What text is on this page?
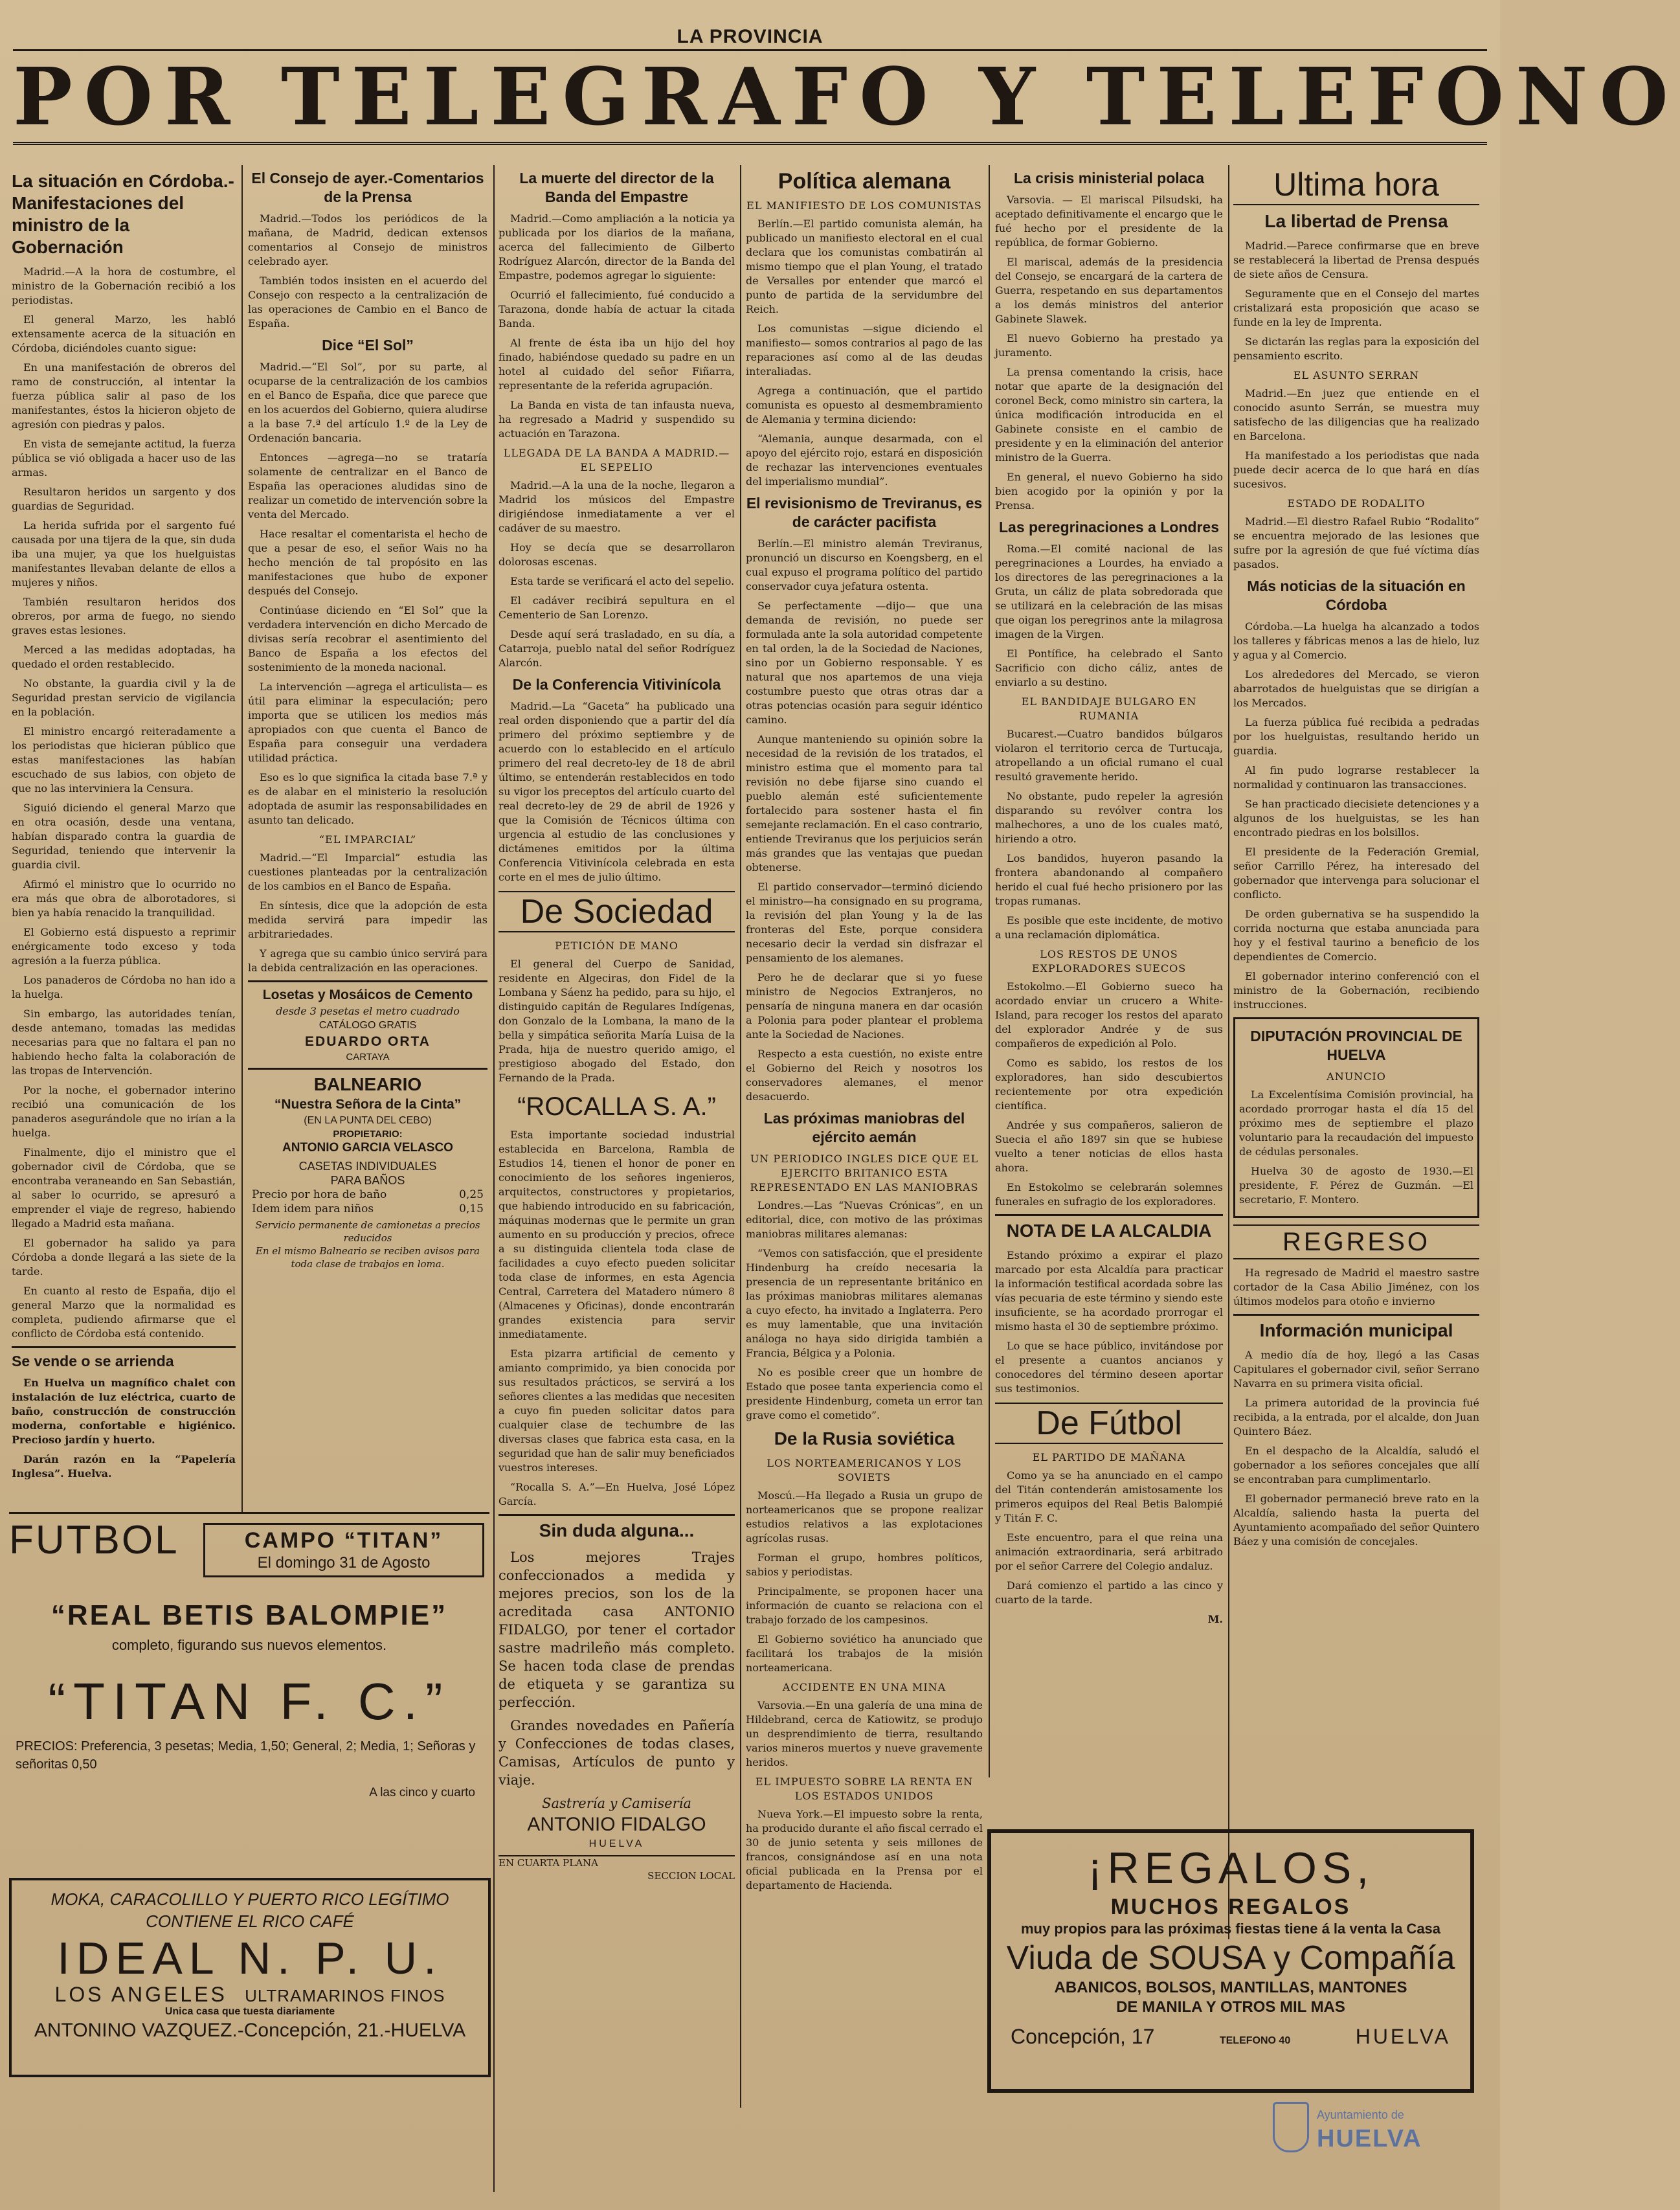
LA PROVINCIA
POR TELEGRAFO Y TELEFONO
La situación en Córdoba.- Manifestaciones del ministro de la Gobernación

Madrid.—A la hora de costumbre, el ministro de la Gobernación recibió a los periodistas.

El general Marzo, les habló extensamente acerca de la situación en Córdoba, diciéndoles cuanto sigue:

En una manifestación de obreros del ramo de construcción, al intentar la fuerza pública salir al paso de los manifestantes, éstos la hicieron objeto de agresión con piedras y palos.

En vista de semejante actitud, la fuerza pública se vió obligada a hacer uso de las armas.

Resultaron heridos un sargento y dos guardias de Seguridad.

La herida sufrida por el sargento fué causada por una tijera de la que, sin duda iba una mujer, ya que los huelguistas manifestantes llevaban delante de ellos a mujeres y niños.

También resultaron heridos dos obreros, por arma de fuego, no siendo graves estas lesiones.

Merced a las medidas adoptadas, ha quedado el orden restablecido.

No obstante, la guardia civil y la de Seguridad prestan servicio de vigilancia en la población.

El ministro encargó reiteradamente a los periodistas que hicieran público que estas manifestaciones las habían escuchado de sus labios, con objeto de que no las interviniera la Censura.

Siguió diciendo el general Marzo que en otra ocasión, desde una ventana, habían disparado contra la guardia de Seguridad, teniendo que intervenir la guardia civil.

Afirmó el ministro que lo ocurrido no era más que obra de alborotadores, si bien ya había renacido la tranquilidad.

El Gobierno está dispuesto a reprimir enérgicamente todo exceso y toda agresión a la fuerza pública.

Los panaderos de Córdoba no han ido a la huelga.

Sin embargo, las autoridades tenían, desde antemano, tomadas las medidas necesarias para que no faltara el pan no habiendo hecho falta la colaboración de las tropas de Intervención.

Por la noche, el gobernador interino recibió una comunicación de los panaderos asegurándole que no irían a la huelga.

Finalmente, dijo el ministro que el gobernador civil de Córdoba, que se encontraba veraneando en San Sebastián, al saber lo ocurrido, se apresuró a emprender el viaje de regreso, habiendo llegado a Madrid esta mañana.

El gobernador ha salido ya para Córdoba a donde llegará a las siete de la tarde.

En cuanto al resto de España, dijo el general Marzo que la normalidad es completa, pudiendo afirmarse que el conflicto de Córdoba está contenido.

Se vende o se arrienda

En Huelva un magnífico chalet con instalación de luz eléctrica, cuarto de baño, construcción de construcción moderna, confortable e higiénico. Precioso jardín y huerto.

Darán razón en la “Papelería Inglesa”. Huelva.

El Consejo de ayer.-Comentarios de la Prensa

Madrid.—Todos los periódicos de la mañana, de Madrid, dedican extensos comentarios al Consejo de ministros celebrado ayer.

También todos insisten en el acuerdo del Consejo con respecto a la centralización de las operaciones de Cambio en el Banco de España.

Dice “El Sol”

Madrid.—“El Sol”, por su parte, al ocuparse de la centralización de los cambios en el Banco de España, dice que parece que en los acuerdos del Gobierno, quiera aludirse a la base 7.ª del artículo 1.º de la Ley de Ordenación bancaria.

Entonces —agrega—no se trataría solamente de centralizar en el Banco de España las operaciones aludidas sino de realizar un cometido de intervención sobre la venta del Mercado.

Hace resaltar el comentarista el hecho de que a pesar de eso, el señor Wais no ha hecho mención de tal propósito en las manifestaciones que hubo de exponer después del Consejo.

Continúase diciendo en “El Sol” que la verdadera intervención en dicho Mercado de divisas sería recobrar el asentimiento del Banco de España a los efectos del sostenimiento de la moneda nacional.

La intervención —agrega el articulista— es útil para eliminar la especulación; pero importa que se utilicen los medios más apropiados con que cuenta el Banco de España para conseguir una verdadera utilidad práctica.

Eso es lo que significa la citada base 7.ª y es de alabar en el ministerio la resolución adoptada de asumir las responsabilidades en asunto tan delicado.

“EL IMPARCIAL”

Madrid.—“El Imparcial” estudia las cuestiones planteadas por la centralización de los cambios en el Banco de España.

En síntesis, dice que la adopción de esta medida servirá para impedir las arbitrariedades.

Y agrega que su cambio único servirá para la debida centralización en las operaciones.

Losetas y Mosáicos de Cemento
desde 3 pesetas el metro cuadrado
CATÁLOGO GRATIS
EDUARDO ORTA
CARTAYA
BALNEARIO
“Nuestra Señora de la Cinta”
(EN LA PUNTA DEL CEBO)
PROPIETARIO:
ANTONIO GARCIA VELASCO
CASETAS INDIVIDUALES
PARA BAÑOS
Precio por hora de baño	0,25
Idem idem para niños	0,15
Servicio permanente de camionetas a precios reducidos
En el mismo Balneario se reciben avisos para toda clase de trabajos en loma.
FUTBOL	CAMPO “TITAN”
El domingo 31 de Agosto
“REAL BETIS BALOMPIE”
completo, figurando sus nuevos elementos.
“TITAN F. C.”
PRECIOS: Preferencia, 3 pesetas; Media, 1,50; General, 2; Media, 1; Señoras y señoritas 0,50
A las cinco y cuarto
MOKA, CARACOLILLO Y PUERTO RICO LEGÍTIMO
CONTIENE EL RICO CAFÉ
IDEAL N. P. U.
LOS ANGELES ULTRAMARINOS FINOS
Unica casa que tuesta diariamente
ANTONINO VAZQUEZ.-Concepción, 21.-HUELVA
La muerte del director de la Banda del Empastre

Madrid.—Como ampliación a la noticia ya publicada por los diarios de la mañana, acerca del fallecimiento de Gilberto Rodríguez Alarcón, director de la Banda del Empastre, podemos agregar lo siguiente:

Ocurrió el fallecimiento, fué conducido a Tarazona, donde había de actuar la citada Banda.

Al frente de ésta iba un hijo del hoy finado, habiéndose quedado su padre en un hotel al cuidado del señor Fiñarra, representante de la referida agrupación.

La Banda en vista de tan infausta nueva, ha regresado a Madrid y suspendido su actuación en Tarazona.

LLEGADA DE LA BANDA A MADRID.—EL SEPELIO

Madrid.—A la una de la noche, llegaron a Madrid los músicos del Empastre dirigiéndose inmediatamente a ver el cadáver de su maestro.

Hoy se decía que se desarrollaron dolorosas escenas.

Esta tarde se verificará el acto del sepelio.

El cadáver recibirá sepultura en el Cementerio de San Lorenzo.

Desde aquí será trasladado, en su día, a Catarroja, pueblo natal del señor Rodríguez Alarcón.

De la Conferencia Vitivinícola

Madrid.—La “Gaceta” ha publicado una real orden disponiendo que a partir del día primero del próximo septiembre y de acuerdo con lo establecido en el artículo primero del real decreto-ley de 18 de abril último, se entenderán restablecidos en todo su vigor los preceptos del artículo cuarto del real decreto-ley de 29 de abril de 1926 y que la Comisión de Técnicos última con urgencia al estudio de las conclusiones y dictámenes emitidos por la última Conferencia Vitivinícola celebrada en esta corte en el mes de julio último.

De Sociedad
PETICIÓN DE MANO

El general del Cuerpo de Sanidad, residente en Algeciras, don Fidel de la Lombana y Sáenz ha pedido, para su hijo, el distinguido capitán de Regulares Indígenas, don Gonzalo de la Lombana, la mano de la bella y simpática señorita María Luisa de la Prada, hija de nuestro querido amigo, el prestigioso abogado del Estado, don Fernando de la Prada.

“ROCALLA S. A.”

Esta importante sociedad industrial establecida en Barcelona, Rambla de Estudios 14, tienen el honor de poner en conocimiento de los señores ingenieros, arquitectos, constructores y propietarios, que habiendo introducido en su fabricación, máquinas modernas que le permite un gran aumento en su producción y precios, ofrece a su distinguida clientela toda clase de facilidades a cuyo efecto pueden solicitar toda clase de informes, en esta Agencia Central, Carretera del Matadero número 8 (Almacenes y Oficinas), donde encontrarán grandes existencia para servir inmediatamente.

Esta pizarra artificial de cemento y amianto comprimido, ya bien conocida por sus resultados prácticos, se servirá a los señores clientes a las medidas que necesiten a cuyo fin pueden solicitar datos para cualquier clase de techumbre de las diversas clases que fabrica esta casa, en la seguridad que han de salir muy beneficiados vuestros intereses.

“Rocalla S. A.”—En Huelva, José López García.

Sin duda alguna...

Los mejores Trajes confeccionados a medida y mejores precios, son los de la acreditada casa ANTONIO FIDALGO, por tener el cortador sastre madrileño más completo. Se hacen toda clase de prendas de etiqueta y se garantiza su perfección.

Grandes novedades en Pañería y Confecciones de todas clases, Camisas, Artículos de punto y viaje.

Sastrería y Camisería
ANTONIO FIDALGO
HUELVA
EN CUARTA PLANA
SECCION LOCAL
Política alemana
EL MANIFIESTO DE LOS COMUNISTAS

Berlín.—El partido comunista alemán, ha publicado un manifiesto electoral en el cual declara que los comunistas combatirán al mismo tiempo que el plan Young, el tratado de Versalles por entender que marcó el punto de partida de la servidumbre del Reich.

Los comunistas —sigue diciendo el manifiesto— somos contrarios al pago de las reparaciones así como al de las deudas interaliadas.

Agrega a continuación, que el partido comunista es opuesto al desmembramiento de Alemania y termina diciendo:

“Alemania, aunque desarmada, con el apoyo del ejército rojo, estará en disposición de rechazar las intervenciones eventuales del imperialismo mundial”.

El revisionismo de Treviranus, es de carácter pacifista

Berlín.—El ministro alemán Treviranus, pronunció un discurso en Koengsberg, en el cual expuso el programa político del partido conservador cuya jefatura ostenta.

Se perfectamente —dijo— que una demanda de revisión, no puede ser formulada ante la sola autoridad competente en tal orden, la de la Sociedad de Naciones, sino por un Gobierno responsable. Y es natural que nos apartemos de una vieja costumbre puesto que otras otras dar a otras potencias ocasión para seguir idéntico camino.

Aunque manteniendo su opinión sobre la necesidad de la revisión de los tratados, el ministro estima que el momento para tal revisión no debe fijarse sino cuando el pueblo alemán esté suficientemente fortalecido para sostener hasta el fin semejante reclamación. En el caso contrario, entiende Treviranus que los perjuicios serán más grandes que las ventajas que puedan obtenerse.

El partido conservador—terminó diciendo el ministro—ha consignado en su programa, la revisión del plan Young y la de las fronteras del Este, porque considera necesario decir la verdad sin disfrazar el pensamiento de los alemanes.

Pero he de declarar que si yo fuese ministro de Negocios Extranjeros, no pensaría de ninguna manera en dar ocasión a Polonia para poder plantear el problema ante la Sociedad de Naciones.

Respecto a esta cuestión, no existe entre el Gobierno del Reich y nosotros los conservadores alemanes, el menor desacuerdo.

Las próximas maniobras del ejército aemán
UN PERIODICO INGLES DICE QUE EL EJERCITO BRITANICO ESTA REPRESENTADO EN LAS MANIOBRAS

Londres.—Las “Nuevas Crónicas”, en un editorial, dice, con motivo de las próximas maniobras militares alemanas:

“Vemos con satisfacción, que el presidente Hindenburg ha creído necesaria la presencia de un representante británico en las próximas maniobras militares alemanas a cuyo efecto, ha invitado a Inglaterra. Pero es muy lamentable, que una invitación análoga no haya sido dirigida también a Francia, Bélgica y a Polonia.

No es posible creer que un hombre de Estado que posee tanta experiencia como el presidente Hindenburg, cometa un error tan grave como el cometido”.

De la Rusia soviética
LOS NORTEAMERICANOS Y LOS SOVIETS

Moscú.—Ha llegado a Rusia un grupo de norteamericanos que se propone realizar estudios relativos a las explotaciones agrícolas rusas.

Forman el grupo, hombres políticos, sabios y periodistas.

Principalmente, se proponen hacer una información de cuanto se relaciona con el trabajo forzado de los campesinos.

El Gobierno soviético ha anunciado que facilitará los trabajos de la misión norteamericana.

ACCIDENTE EN UNA MINA

Varsovia.—En una galería de una mina de Hildebrand, cerca de Katiowitz, se produjo un desprendimiento de tierra, resultando varios mineros muertos y nueve gravemente heridos.

EL IMPUESTO SOBRE LA RENTA EN LOS ESTADOS UNIDOS

Nueva York.—El impuesto sobre la renta, ha producido durante el año fiscal cerrado el 30 de junio setenta y seis millones de francos, consignándose así en una nota oficial publicada en la Prensa por el departamento de Hacienda.

La crisis ministerial polaca

Varsovia. — El mariscal Pilsudski, ha aceptado definitivamente el encargo que le fué hecho por el presidente de la república, de formar Gobierno.

El mariscal, además de la presidencia del Consejo, se encargará de la cartera de Guerra, respetando en sus departamentos a los demás ministros del anterior Gabinete Slawek.

El nuevo Gobierno ha prestado ya juramento.

La prensa comentando la crisis, hace notar que aparte de la designación del coronel Beck, como ministro sin cartera, la única modificación introducida en el Gabinete consiste en el cambio de presidente y en la eliminación del anterior ministro de la Guerra.

En general, el nuevo Gobierno ha sido bien acogido por la opinión y por la Prensa.

Las peregrinaciones a Londres

Roma.—El comité nacional de las peregrinaciones a Lourdes, ha enviado a los directores de las peregrinaciones a la Gruta, un cáliz de plata sobredorada que se utilizará en la celebración de las misas que oigan los peregrinos ante la milagrosa imagen de la Virgen.

El Pontífice, ha celebrado el Santo Sacrificio con dicho cáliz, antes de enviarlo a su destino.

EL BANDIDAJE BULGARO EN RUMANIA

Bucarest.—Cuatro bandidos búlgaros violaron el territorio cerca de Turtucaja, atropellando a un oficial rumano el cual resultó gravemente herido.

No obstante, pudo repeler la agresión disparando su revólver contra los malhechores, a uno de los cuales mató, hiriendo a otro.

Los bandidos, huyeron pasando la frontera abandonando al compañero herido el cual fué hecho prisionero por las tropas rumanas.

Es posible que este incidente, de motivo a una reclamación diplomática.

LOS RESTOS DE UNOS EXPLORADORES SUECOS

Estokolmo.—El Gobierno sueco ha acordado enviar un crucero a White-Island, para recoger los restos del aparato del explorador Andrée y de sus compañeros de expedición al Polo.

Como es sabido, los restos de los exploradores, han sido descubiertos recientemente por otra expedición científica.

Andrée y sus compañeros, salieron de Suecia el año 1897 sin que se hubiese vuelto a tener noticias de ellos hasta ahora.

En Estokolmo se celebrarán solemnes funerales en sufragio de los exploradores.

NOTA DE LA ALCALDIA

Estando próximo a expirar el plazo marcado por esta Alcaldía para practicar la información testifical acordada sobre las vías pecuaria de este término y siendo este insuficiente, se ha acordado prorrogar el mismo hasta el 30 de septiembre próximo.

Lo que se hace público, invitándose por el presente a cuantos ancianos y conocedores del término deseen aportar sus testimonios.

De Fútbol
EL PARTIDO DE MAÑANA

Como ya se ha anunciado en el campo del Titán contenderán amistosamente los primeros equipos del Real Betis Balompié y Titán F. C.

Este encuentro, para el que reina una animación extraordinaria, será arbitrado por el señor Carrere del Colegio andaluz.

Dará comienzo el partido a las cinco y cuarto de la tarde.

M.
¡REGALOS,
MUCHOS REGALOS
muy propios para las próximas fiestas tiene á la venta la Casa
Viuda de SOUSA y Compañía
ABANICOS, BOLSOS, MANTILLAS, MANTONES
DE MANILA Y OTROS MIL MAS
Concepción, 17	TELEFONO 40	HUELVA
Ultima hora
La libertad de Prensa

Madrid.—Parece confirmarse que en breve se restablecerá la libertad de Prensa después de siete años de Censura.

Seguramente que en el Consejo del martes cristalizará esta proposición que acaso se funde en la ley de Imprenta.

Se dictarán las reglas para la exposición del pensamiento escrito.

EL ASUNTO SERRAN

Madrid.—En juez que entiende en el conocido asunto Serrán, se muestra muy satisfecho de las diligencias que ha realizado en Barcelona.

Ha manifestado a los periodistas que nada puede decir acerca de lo que hará en días sucesivos.

ESTADO DE RODALITO

Madrid.—El diestro Rafael Rubio “Rodalito” se encuentra mejorado de las lesiones que sufre por la agresión de que fué víctima días pasados.

Más noticias de la situación en Córdoba

Córdoba.—La huelga ha alcanzado a todos los talleres y fábricas menos a las de hielo, luz y agua y al Comercio.

Los alrededores del Mercado, se vieron abarrotados de huelguistas que se dirigían a los Mercados.

La fuerza pública fué recibida a pedradas por los huelguistas, resultando herido un guardia.

Al fin pudo lograrse restablecer la normalidad y continuaron las transacciones.

Se han practicado diecisiete detenciones y a algunos de los huelguistas, se les han encontrado piedras en los bolsillos.

El presidente de la Federación Gremial, señor Carrillo Pérez, ha interesado del gobernador que intervenga para solucionar el conflicto.

De orden gubernativa se ha suspendido la corrida nocturna que estaba anunciada para hoy y el festival taurino a beneficio de los dependientes de Comercio.

El gobernador interino conferenció con el ministro de la Gobernación, recibiendo instrucciones.

DIPUTACIÓN PROVINCIAL DE HUELVA
ANUNCIO

La Excelentísima Comisión provincial, ha acordado prorrogar hasta el día 15 del próximo mes de septiembre el plazo voluntario para la recaudación del impuesto de cédulas personales.

Huelva 30 de agosto de 1930.—El presidente, F. Pérez de Guzmán. —El secretario, F. Montero.

REGRESO

Ha regresado de Madrid el maestro sastre cortador de la Casa Abilio Jiménez, con los últimos modelos para otoño e invierno

Información municipal

A medio día de hoy, llegó a las Casas Capitulares el gobernador civil, señor Serrano Navarra en su primera visita oficial.

La primera autoridad de la provincia fué recibida, a la entrada, por el alcalde, don Juan Quintero Báez.

En el despacho de la Alcaldía, saludó el gobernador a los señores concejales que allí se encontraban para cumplimentarlo.

El gobernador permaneció breve rato en la Alcaldía, saliendo hasta la puerta del Ayuntamiento acompañado del señor Quintero Báez y una comisión de concejales.

Ayuntamiento de
HUELVA
